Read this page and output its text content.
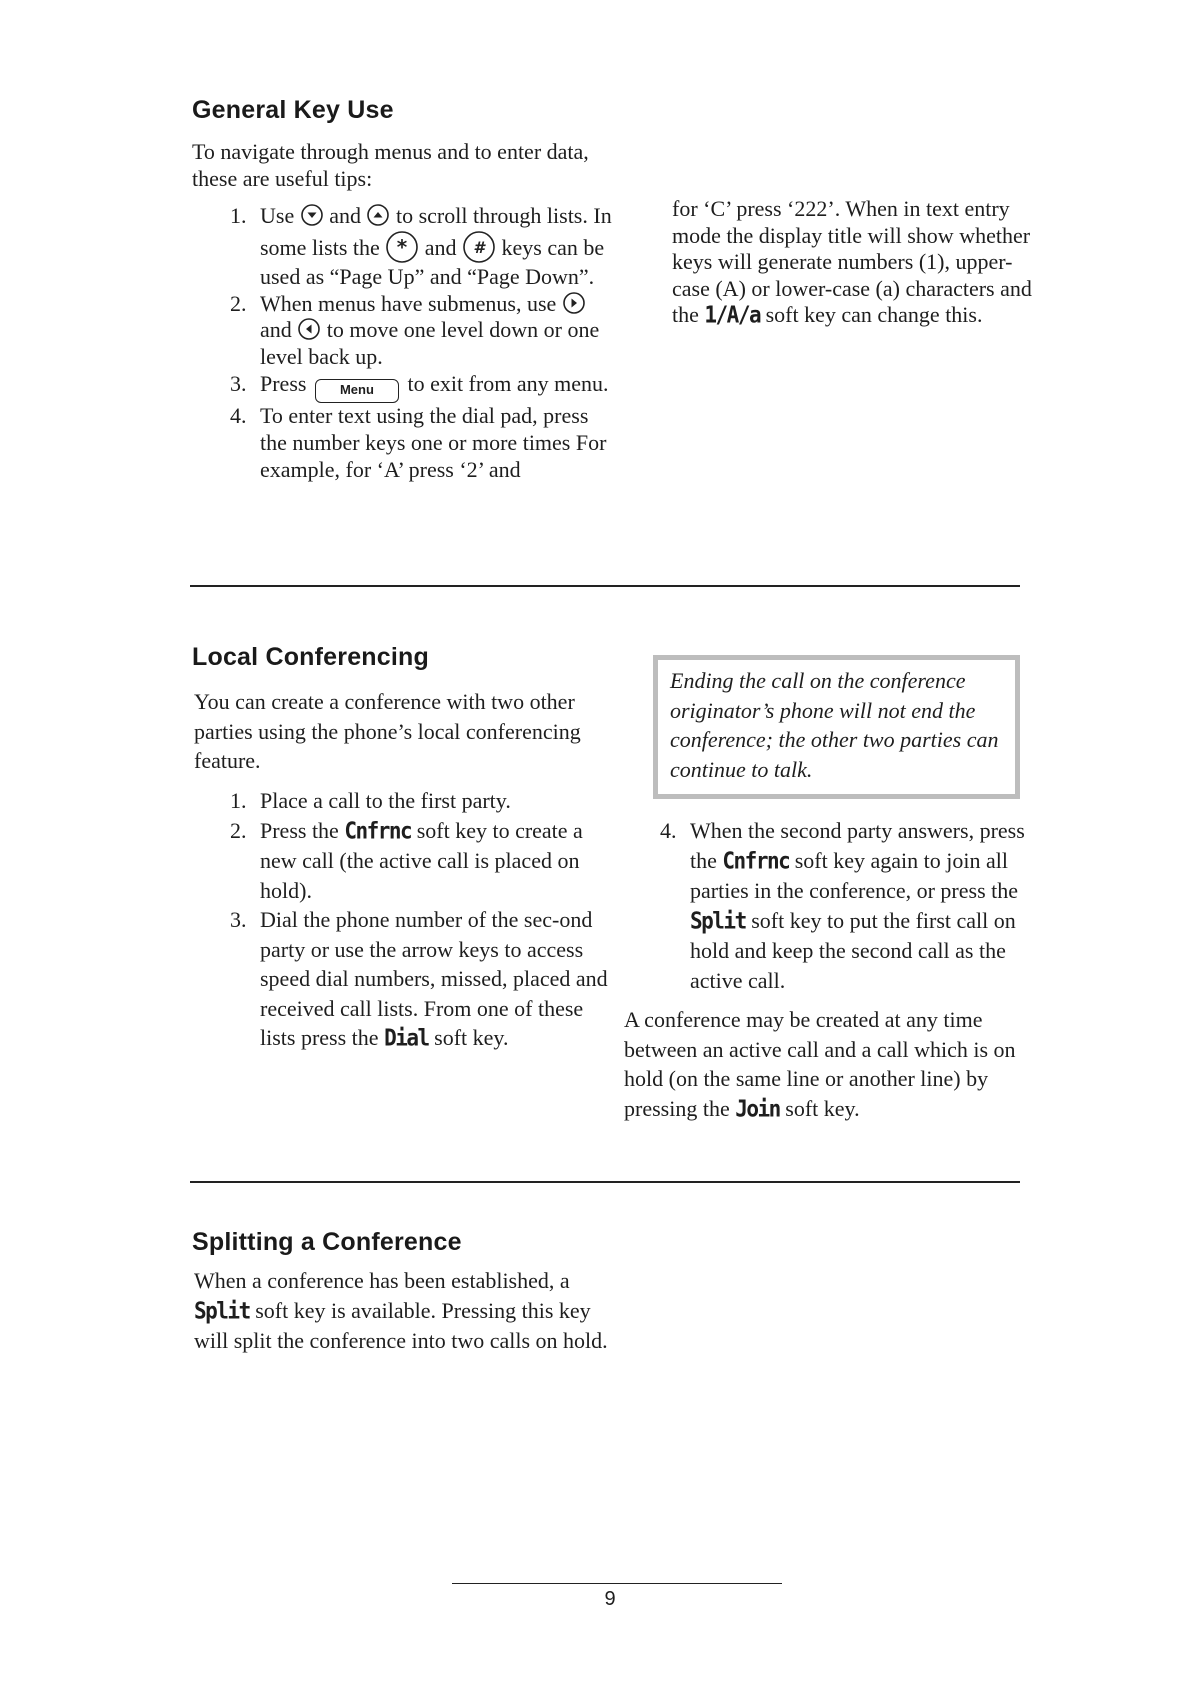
General Key Use

To navigate through menus and to enter data, these are useful tips:

1. Use and to scroll through lists. In some lists the * and # keys can be used as “Page Up” and “Page Down”.
2. When menus have submenus, use  and to move one level down or one level back up.
3. Press	Menu to exit from any menu.
4. To enter text using the dial pad, press the number keys one or more times For example, for ‘A’ press ‘2’ and

for ‘C’ press ‘222’. When in text entry mode the display title will show whether keys will generate numbers (1), upper-case (A) or lower-case (a) characters and the 1/A/a soft key can change this.

Local Conferencing

You can create a conference with two other parties using the phone’s local conferencing feature.

1. Place a call to the first party.
2. Press the Cnfrnc soft key to create a new call (the active call is placed on hold).
3. Dial the phone number of the sec-ond party or use the arrow keys to access speed dial numbers, missed, placed and received call lists. From one of these lists press the Dial soft key.

Ending the call on the conference originator’s phone will not end the conference; the other two parties can continue to talk.

4. When the second party answers, press the Cnfrnc soft key again to join all parties in the conference, or press the Split soft key to put the first call on hold and keep the second call as the active call.

A conference may be created at any time between an active call and a call which is on hold (on the same line or another line) by pressing the Join soft key.

Splitting a Conference

When a conference has been established, a Split soft key is available. Pressing this key will split the conference into two calls on hold.

9
